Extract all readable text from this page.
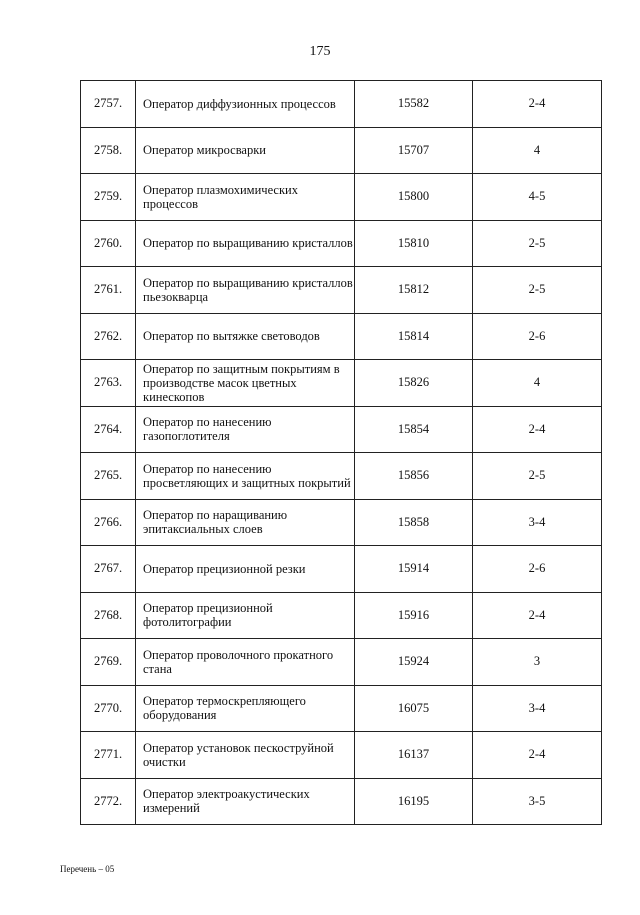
175
2757.	Оператор диффузионных процессов	15582	2-4
2758.	Оператор микросварки	15707	4
2759.	Оператор плазмохимических процессов	15800	4-5
2760.	Оператор по выращиванию кристаллов	15810	2-5
2761.	Оператор по выращиванию кристаллов пьезокварца	15812	2-5
2762.	Оператор по вытяжке световодов	15814	2-6
2763.	Оператор по защитным покрытиям в производстве масок цветных кинескопов	15826	4
2764.	Оператор по нанесению газопоглотителя	15854	2-4
2765.	Оператор по нанесению просветляющих и защитных покрытий	15856	2-5
2766.	Оператор по наращиванию эпитаксиальных слоев	15858	3-4
2767.	Оператор прецизионной резки	15914	2-6
2768.	Оператор прецизионной фотолитографии	15916	2-4
2769.	Оператор проволочного прокатного стана	15924	3
2770.	Оператор термоскрепляющего оборудования	16075	3-4
2771.	Оператор установок пескоструйной очистки	16137	2-4
2772.	Оператор электроакустических измерений	16195	3-5
Перечень – 05
